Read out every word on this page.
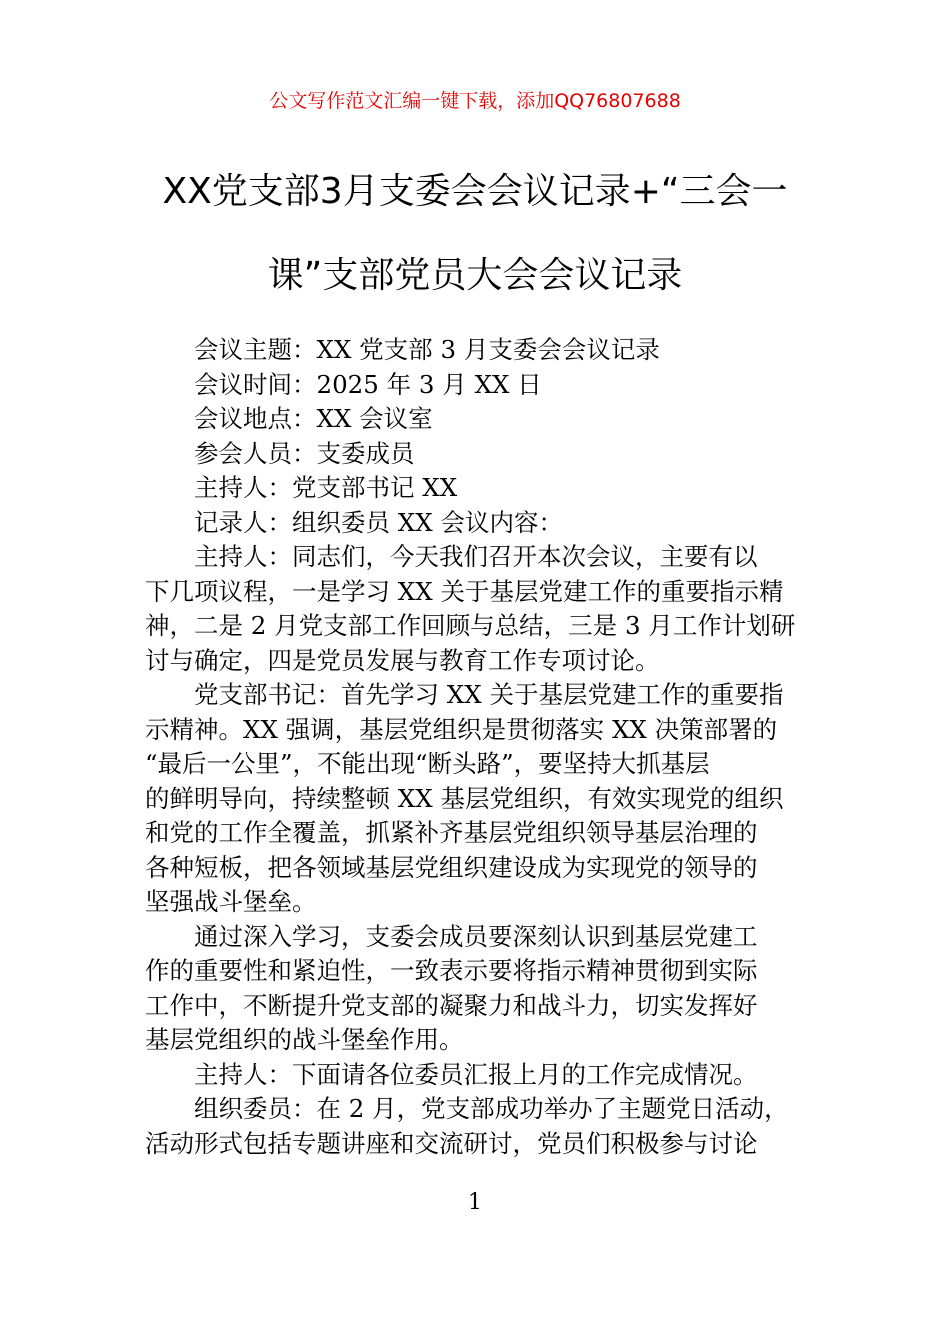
公文写作范文汇编一键下载，添加QQ76807688
XX党支部3月支委会会议记录+“三会一
课”支部党员大会会议记录

会议主题：XX 党支部 3 月支委会会议记录

会议时间：2025 年 3 月 XX 日

会议地点：XX 会议室

参会人员：支委成员

主持人：党支部书记 XX

记录人：组织委员 XX 会议内容：

主持人：同志们，今天我们召开本次会议，主要有以
下几项议程，一是学习 XX 关于基层党建工作的重要指示精
神，二是 2 月党支部工作回顾与总结，三是 3 月工作计划研
讨与确定，四是党员发展与教育工作专项讨论。

党支部书记：首先学习 XX 关于基层党建工作的重要指
示精神。XX 强调，基层党组织是贯彻落实 XX 决策部署的
“最后一公里”，不能出现“断头路”，要坚持大抓基层
的鲜明导向，持续整顿 XX 基层党组织，有效实现党的组织
和党的工作全覆盖，抓紧补齐基层党组织领导基层治理的
各种短板，把各领域基层党组织建设成为实现党的领导的
坚强战斗堡垒。

通过深入学习，支委会成员要深刻认识到基层党建工
作的重要性和紧迫性，一致表示要将指示精神贯彻到实际
工作中，不断提升党支部的凝聚力和战斗力，切实发挥好
基层党组织的战斗堡垒作用。

主持人：下面请各位委员汇报上月的工作完成情况。

组织委员：在 2 月，党支部成功举办了主题党日活动，
活动形式包括专题讲座和交流研讨，党员们积极参与讨论

1
